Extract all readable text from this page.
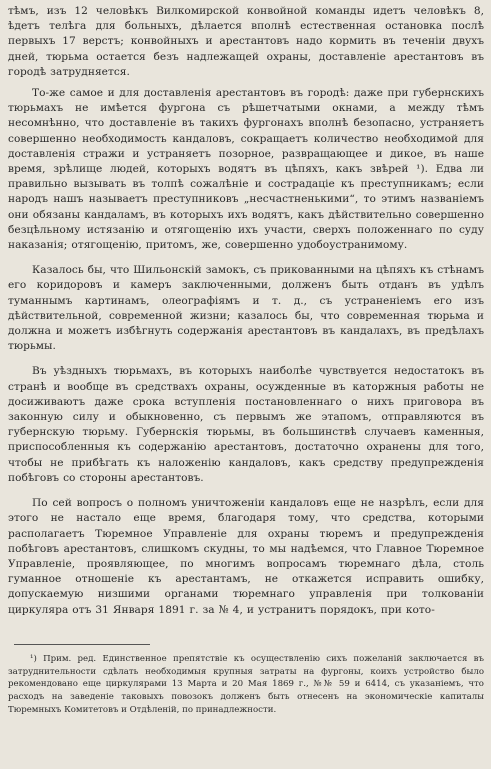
тѣмъ, изъ 12 человѣкъ Вилкомирской конвойной команды идетъ человѣкъ 8, ѣдетъ телѣга для больныхъ, дѣлается вполнѣ естественная остановка послѣ первыхъ 17 верстъ; конвойныхъ и арестантовъ надо кормить въ теченіи двухъ дней, тюрьма остается безъ надлежащей охраны, доставленіе арестантовъ въ городѣ затрудняется.

То-же самое и для доставленія арестантовъ въ городѣ: даже при губернскихъ тюрьмахъ не имѣется фургона съ рѣшетчатыми окнами, а между тѣмъ несомнѣнно, что доставленіе въ такихъ фургонахъ вполнѣ безопасно, устраняетъ совершенно необходимость кандаловъ, сокращаетъ количество необходимой для доставленія стражи и устраняетъ позорное, развращающее и дикое, въ наше время, зрѣлище людей, которыхъ водятъ въ цѣпяхъ, какъ звѣрей ¹). Едва ли правильно вызывать въ толпѣ сожалѣніе и сострадаціе къ преступникамъ; если народъ нашъ называетъ преступниковъ „несчастненькими“, то этимъ названіемъ они обязаны кандаламъ, въ которыхъ ихъ водятъ, какъ дѣйствительно совершенно безцѣльному истязанію и отягощенію ихъ участи, сверхъ положеннаго по суду наказанія; отягощенію, притомъ, же, совершенно удобоустранимому.

Казалось бы, что Шильонскій замокъ, съ прикованными на цѣпяхъ къ стѣнамъ его коридоровъ и камеръ заключенными, долженъ быть отданъ въ удѣлъ туманнымъ картинамъ, олеографіямъ и т. д., съ устраненіемъ его изъ дѣйствительной, современной жизни; казалось бы, что современная тюрьма и должна и можетъ избѣгнуть содержанія арестантовъ въ кандалахъ, въ предѣлахъ тюрьмы.

Въ уѣздныхъ тюрьмахъ, въ которыхъ наиболѣе чувствуется недостатокъ въ странѣ и вообще въ средствахъ охраны, осужденные въ каторжныя работы не досиживаютъ даже срока вступленія постановленнаго о нихъ приговора въ законную силу и обыкновенно, съ первымъ же этапомъ, отправляются въ губернскую тюрьму. Губернскія тюрьмы, въ большинствѣ случаевъ каменныя, приспособленныя къ содержанію арестантовъ, достаточно охранены для того, чтобы не прибѣгать къ наложенію кандаловъ, какъ средству предупрежденія побѣговъ со стороны арестантовъ.

По сей вопросъ о полномъ уничтоженіи кандаловъ еще не назрѣлъ, если для этого не настало еще время, благодаря тому, что средства, которыми располагаетъ Тюремное Управленіе для охраны тюремъ и предупрежденія побѣговъ арестантовъ, слишкомъ скудны, то мы надѣемся, что Главное Тюремное Управленіе, проявляющее, по многимъ вопросамъ тюремнаго дѣла, столь гуманное отношеніе къ арестантамъ, не откажется исправить ошибку, допускаемую низшими органами тюремнаго управленія при толкованіи циркуляра отъ 31 Января 1891 г. за № 4, и устранитъ порядокъ, при кото-

¹) Прим. ред. Единственное препятствіе къ осуществленію сихъ пожеланій заключается въ затруднительности сдѣлать необходимыя крупныя затраты на фургоны, коихъ устройство было рекомендовано еще циркулярами 13 Марта и 20 Мая 1869 г., №№ 59 и 6414, съ указаніемъ, что расходъ на заведеніе таковыхъ повозокъ долженъ быть отнесенъ на экономическіе капиталы Тюремныхъ Комитетовъ и Отдѣленій, по принадлежности.
